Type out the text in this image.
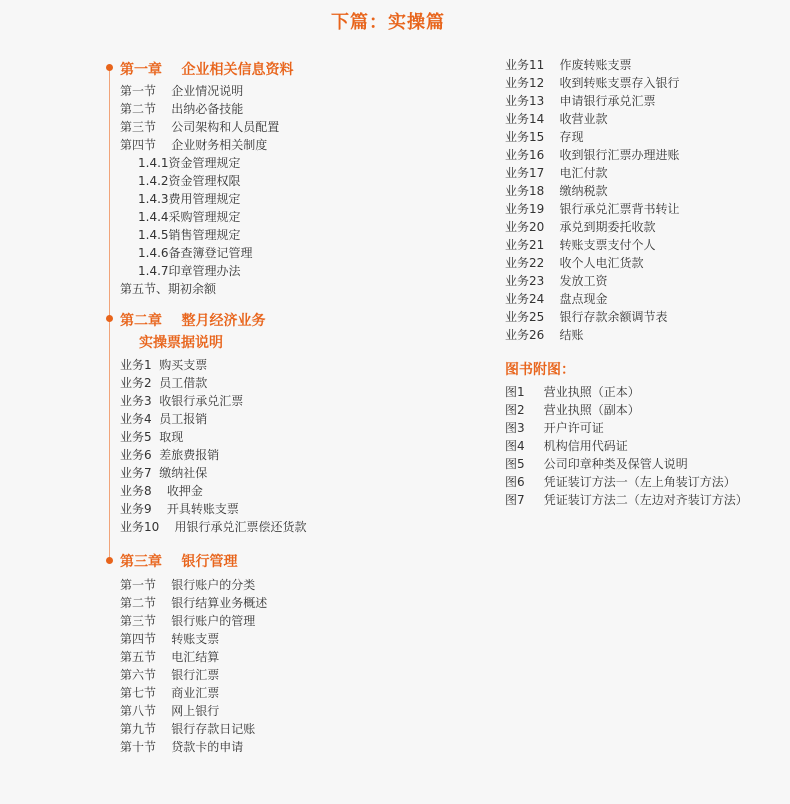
下篇：实操篇
第一章    企业相关信息资料
第一节    企业情况说明
第二节    出纳必备技能
第三节    公司架构和人员配置
第四节    企业财务相关制度
1.4.1资金管理规定
1.4.2资金管理权限
1.4.3费用管理规定
1.4.4采购管理规定
1.4.5销售管理规定
1.4.6备查簿登记管理
1.4.7印章管理办法
第五节、期初余额
第二章    整月经济业务
实操票据说明
业务1  购买支票
业务2  员工借款
业务3  收银行承兑汇票
业务4  员工报销
业务5  取现
业务6  差旅费报销
业务7  缴纳社保
业务8    收押金
业务9    开具转账支票
业务10    用银行承兑汇票偿还货款
第三章    银行管理
第一节    银行账户的分类
第二节    银行结算业务概述
第三节    银行账户的管理
第四节    转账支票
第五节    电汇结算
第六节    银行汇票
第七节    商业汇票
第八节    网上银行
第九节    银行存款日记账
第十节    贷款卡的申请
业务11    作废转账支票
业务12    收到转账支票存入银行
业务13    申请银行承兑汇票
业务14    收营业款
业务15    存现
业务16    收到银行汇票办理进账
业务17    电汇付款
业务18    缴纳税款
业务19    银行承兑汇票背书转让
业务20    承兑到期委托收款
业务21    转账支票支付个人
业务22    收个人电汇货款
业务23    发放工资
业务24    盘点现金
业务25    银行存款余额调节表
业务26    结账
图书附图：
图1     营业执照（正本）
图2     营业执照（副本）
图3     开户许可证
图4     机构信用代码证
图5     公司印章种类及保管人说明
图6     凭证装订方法一（左上角装订方法）
图7     凭证装订方法二（左边对齐装订方法）
